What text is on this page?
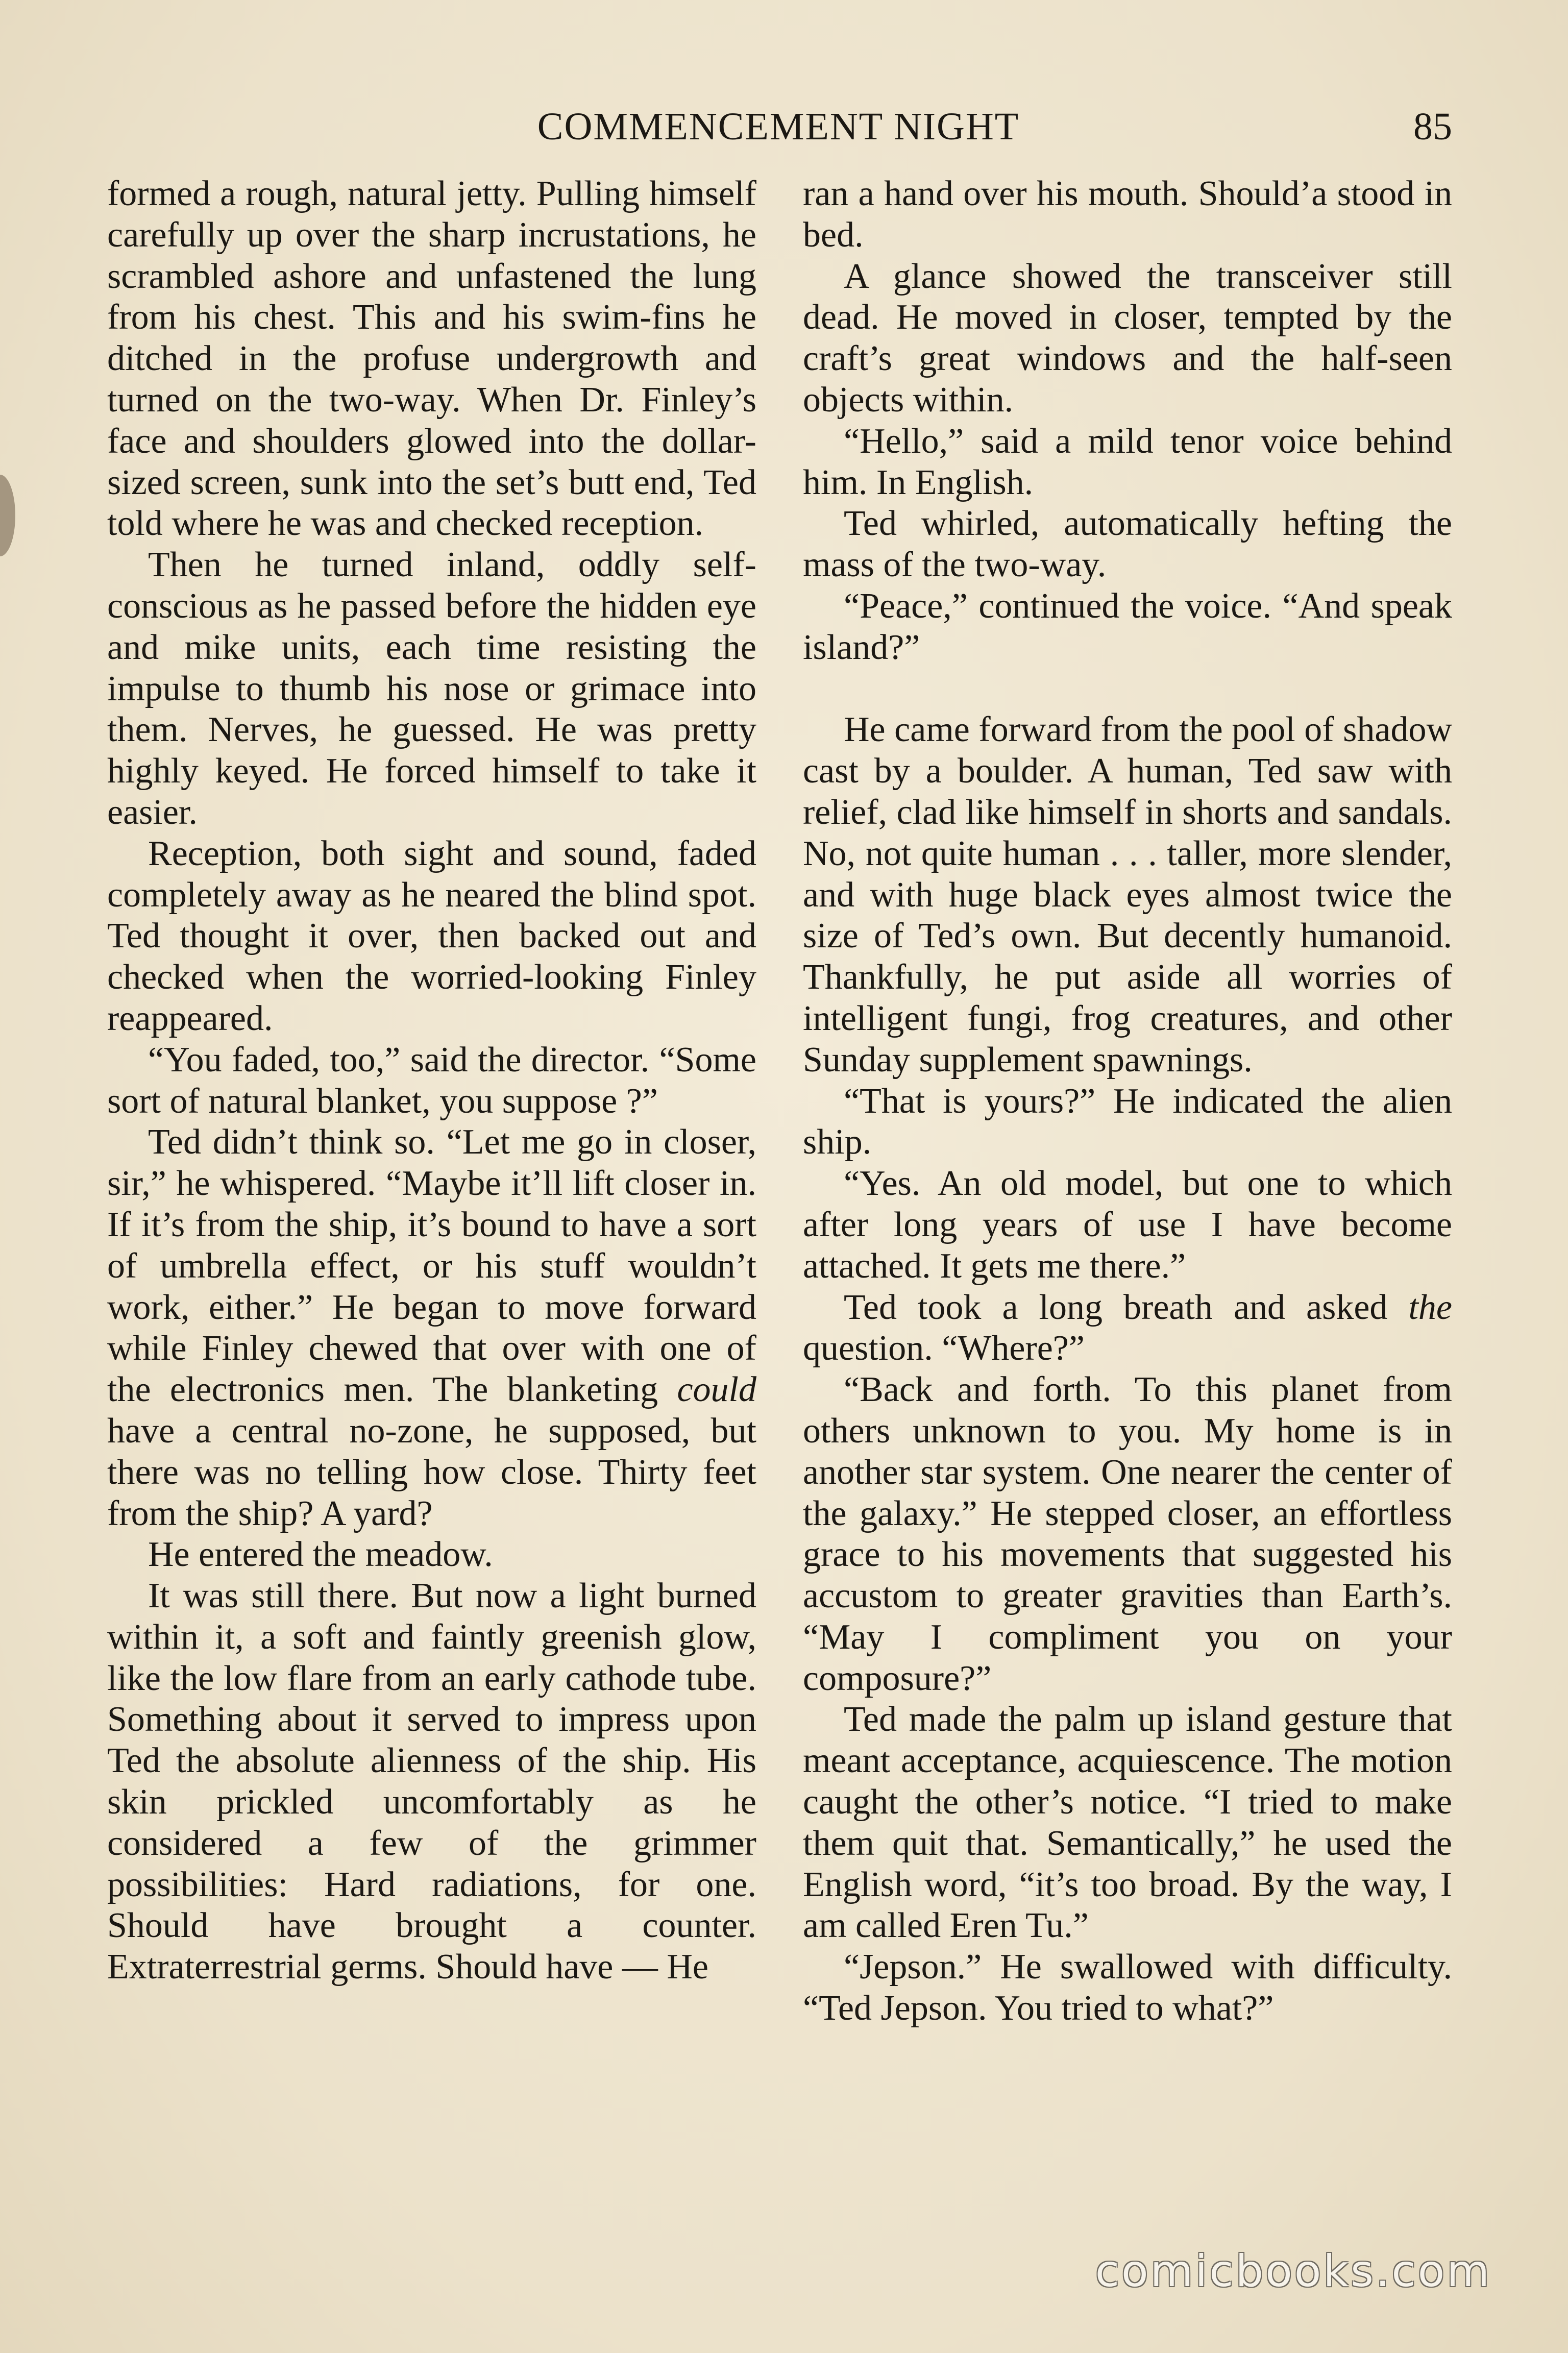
COMMENCEMENT NIGHT	85

formed a rough, natural jetty. Pulling himself carefully up over the sharp incrustations, he scrambled ashore and unfastened the lung from his chest. This and his swim-fins he ditched in the profuse undergrowth and turned on the two-way. When Dr. Finley’s face and shoulders glowed into the dollar-sized screen, sunk into the set’s butt end, Ted told where he was and checked reception.

Then he turned inland, oddly self-conscious as he passed before the hidden eye and mike units, each time resisting the impulse to thumb his nose or grimace into them. Nerves, he guessed. He was pretty highly keyed. He forced himself to take it easier.

Reception, both sight and sound, faded completely away as he neared the blind spot. Ted thought it over, then backed out and checked when the worried-looking Finley reappeared.

“You faded, too,” said the director. “Some sort of natural blanket, you suppose ?”

Ted didn’t think so. “Let me go in closer, sir,” he whispered. “Maybe it’ll lift closer in. If it’s from the ship, it’s bound to have a sort of umbrella effect, or his stuff wouldn’t work, either.” He began to move forward while Finley chewed that over with one of the electronics men. The blanketing could have a central no-zone, he supposed, but there was no telling how close. Thirty feet from the ship? A yard?

He entered the meadow.

It was still there. But now a light burned within it, a soft and faintly greenish glow, like the low flare from an early cathode tube. Something about it served to impress upon Ted the absolute alienness of the ship. His skin prickled uncomfortably as he considered a few of the grimmer possibilities: Hard radiations, for one. Should have brought a counter. Extraterrestrial germs. Should have — He

ran a hand over his mouth. Should’a stood in bed.

A glance showed the transceiver still dead. He moved in closer, tempted by the craft’s great windows and the half-seen objects within.

“Hello,” said a mild tenor voice behind him. In English.

Ted whirled, automatically hefting the mass of the two-way.

“Peace,” continued the voice. “And speak island?”

He came forward from the pool of shadow cast by a boulder. A human, Ted saw with relief, clad like himself in shorts and sandals. No, not quite human . . . taller, more slender, and with huge black eyes almost twice the size of Ted’s own. But decently humanoid. Thankfully, he put aside all worries of intelligent fungi, frog creatures, and other Sunday supplement spawnings.

“That is yours?” He indicated the alien ship.

“Yes. An old model, but one to which after long years of use I have become attached. It gets me there.”

Ted took a long breath and asked the question. “Where?”

“Back and forth. To this planet from others unknown to you. My home is in another star system. One nearer the center of the galaxy.” He stepped closer, an effortless grace to his movements that suggested his accustom to greater gravities than Earth’s. “May I compliment you on your composure?”

Ted made the palm up island gesture that meant acceptance, acquiescence. The motion caught the other’s notice. “I tried to make them quit that. Semantically,” he used the English word, “it’s too broad. By the way, I am called Eren Tu.”

“Jepson.” He swallowed with difficulty. “Ted Jepson. You tried to what?”

comicbooks.com
